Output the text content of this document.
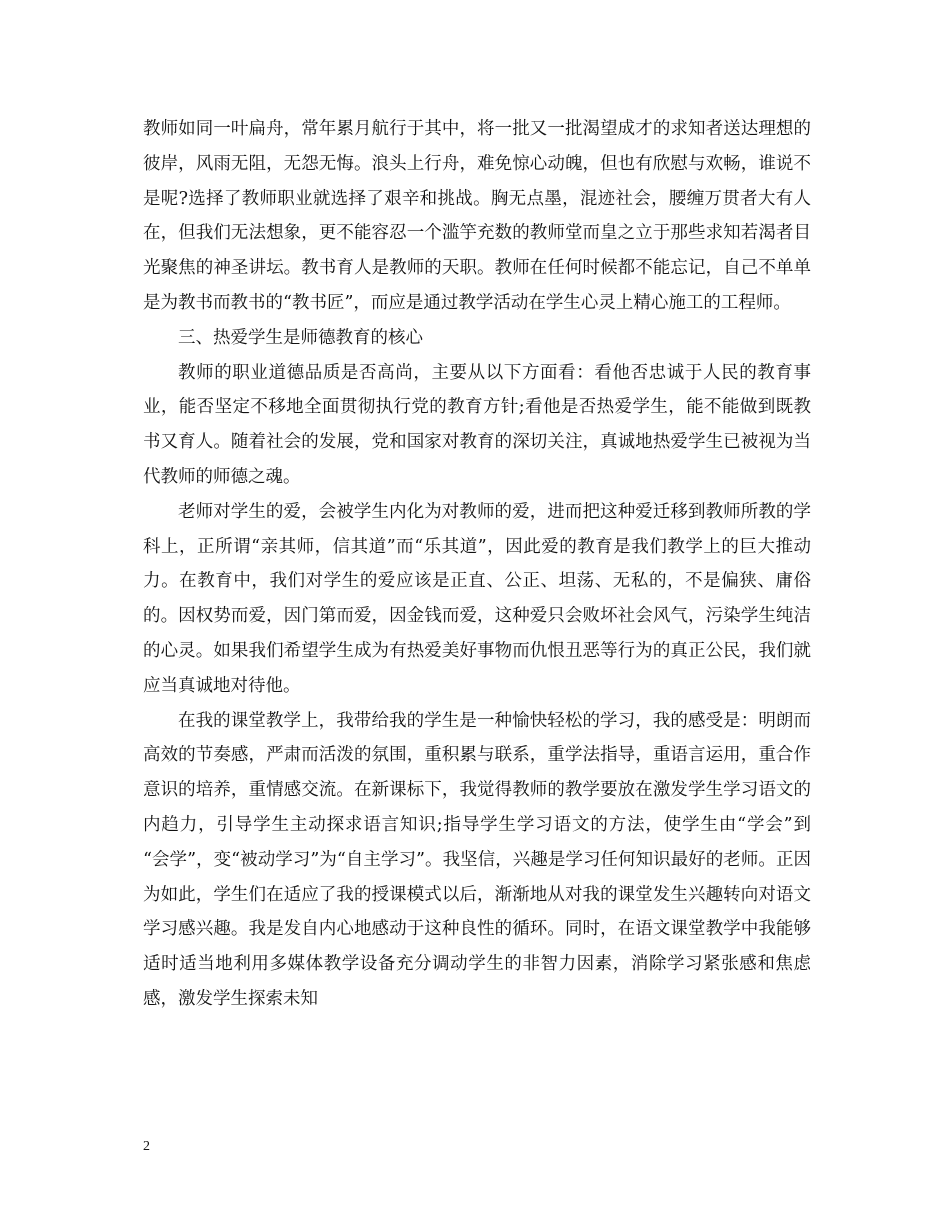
教师如同一叶扁舟，常年累月航行于其中，将一批又一批渴望成才的求知者送达理想的彼岸，风雨无阻，无怨无悔。浪头上行舟，难免惊心动魄，但也有欣慰与欢畅，谁说不是呢?选择了教师职业就选择了艰辛和挑战。胸无点墨，混迹社会，腰缠万贯者大有人在，但我们无法想象，更不能容忍一个滥竽充数的教师堂而皇之立于那些求知若渴者目光聚焦的神圣讲坛。教书育人是教师的天职。教师在任何时候都不能忘记，自己不单单是为教书而教书的“教书匠”，而应是通过教学活动在学生心灵上精心施工的工程师。

三、热爱学生是师德教育的核心

教师的职业道德品质是否高尚，主要从以下方面看：看他否忠诚于人民的教育事业，能否坚定不移地全面贯彻执行党的教育方针;看他是否热爱学生，能不能做到既教书又育人。随着社会的发展，党和国家对教育的深切关注，真诚地热爱学生已被视为当代教师的师德之魂。

老师对学生的爱，会被学生内化为对教师的爱，进而把这种爱迁移到教师所教的学科上，正所谓“亲其师，信其道”而“乐其道”，因此爱的教育是我们教学上的巨大推动力。在教育中，我们对学生的爱应该是正直、公正、坦荡、无私的，不是偏狭、庸俗的。因权势而爱，因门第而爱，因金钱而爱，这种爱只会败坏社会风气，污染学生纯洁的心灵。如果我们希望学生成为有热爱美好事物而仇恨丑恶等行为的真正公民，我们就应当真诚地对待他。

在我的课堂教学上，我带给我的学生是一种愉快轻松的学习，我的感受是：明朗而高效的节奏感，严肃而活泼的氛围，重积累与联系，重学法指导，重语言运用，重合作意识的培养，重情感交流。在新课标下，我觉得教师的教学要放在激发学生学习语文的内趋力，引导学生主动探求语言知识;指导学生学习语文的方法，使学生由“学会”到 “会学”，变“被动学习”为“自主学习”。我坚信，兴趣是学习任何知识最好的老师。正因为如此，学生们在适应了我的授课模式以后，渐渐地从对我的课堂发生兴趣转向对语文学习感兴趣。我是发自内心地感动于这种良性的循环。同时，在语文课堂教学中我能够适时适当地利用多媒体教学设备充分调动学生的非智力因素，消除学习紧张感和焦虑感，激发学生探索未知

2
